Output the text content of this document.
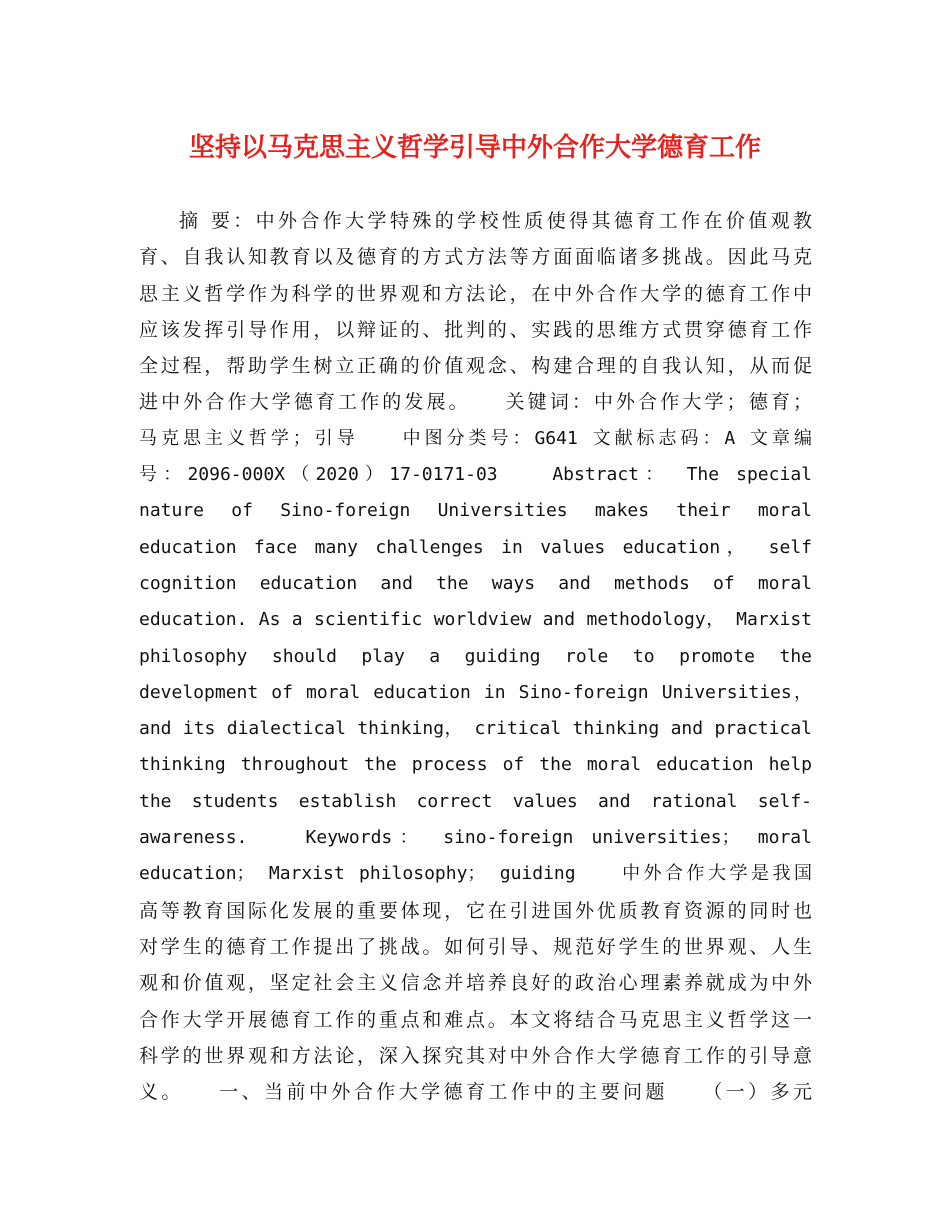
坚持以马克思主义哲学引导中外合作大学德育工作
摘 要：中外合作大学特殊的学校性质使得其德育工作在价值观教
育、自我认知教育以及德育的方式方法等方面面临诸多挑战。因此马克
思主义哲学作为科学的世界观和方法论，在中外合作大学的德育工作中
应该发挥引导作用，以辩证的、批判的、实践的思维方式贯穿德育工作
全过程，帮助学生树立正确的价值观念、构建合理的自我认知，从而促
进中外合作大学德育工作的发展。　　关键词：中外合作大学；德育；
马克思主义哲学；引导　　中图分类号：G641 文献标志码：A 文章编
号：2096-000X（2020）17-0171-03　　Abstract： The special
nature of Sino-foreign Universities makes their moral
education face many challenges in values education， self
cognition education and the ways and methods of moral
education. As a scientific worldview and methodology， Marxist
philosophy should play a guiding role to promote the
development of moral education in Sino-foreign Universities，
and its dialectical thinking， critical thinking and practical
thinking throughout the process of the moral education help
the students establish correct values and rational self-
awareness.　　Keywords： sino-foreign universities； moral
education； Marxist philosophy； guiding　　中外合作大学是我国
高等教育国际化发展的重要体现，它在引进国外优质教育资源的同时也
对学生的德育工作提出了挑战。如何引导、规范好学生的世界观、人生
观和价值观，坚定社会主义信念并培养良好的政治心理素养就成为中外
合作大学开展德育工作的重点和难点。本文将结合马克思主义哲学这一
科学的世界观和方法论，深入探究其对中外合作大学德育工作的引导意
义。　　一、当前中外合作大学德育工作中的主要问题　　（一）多元
